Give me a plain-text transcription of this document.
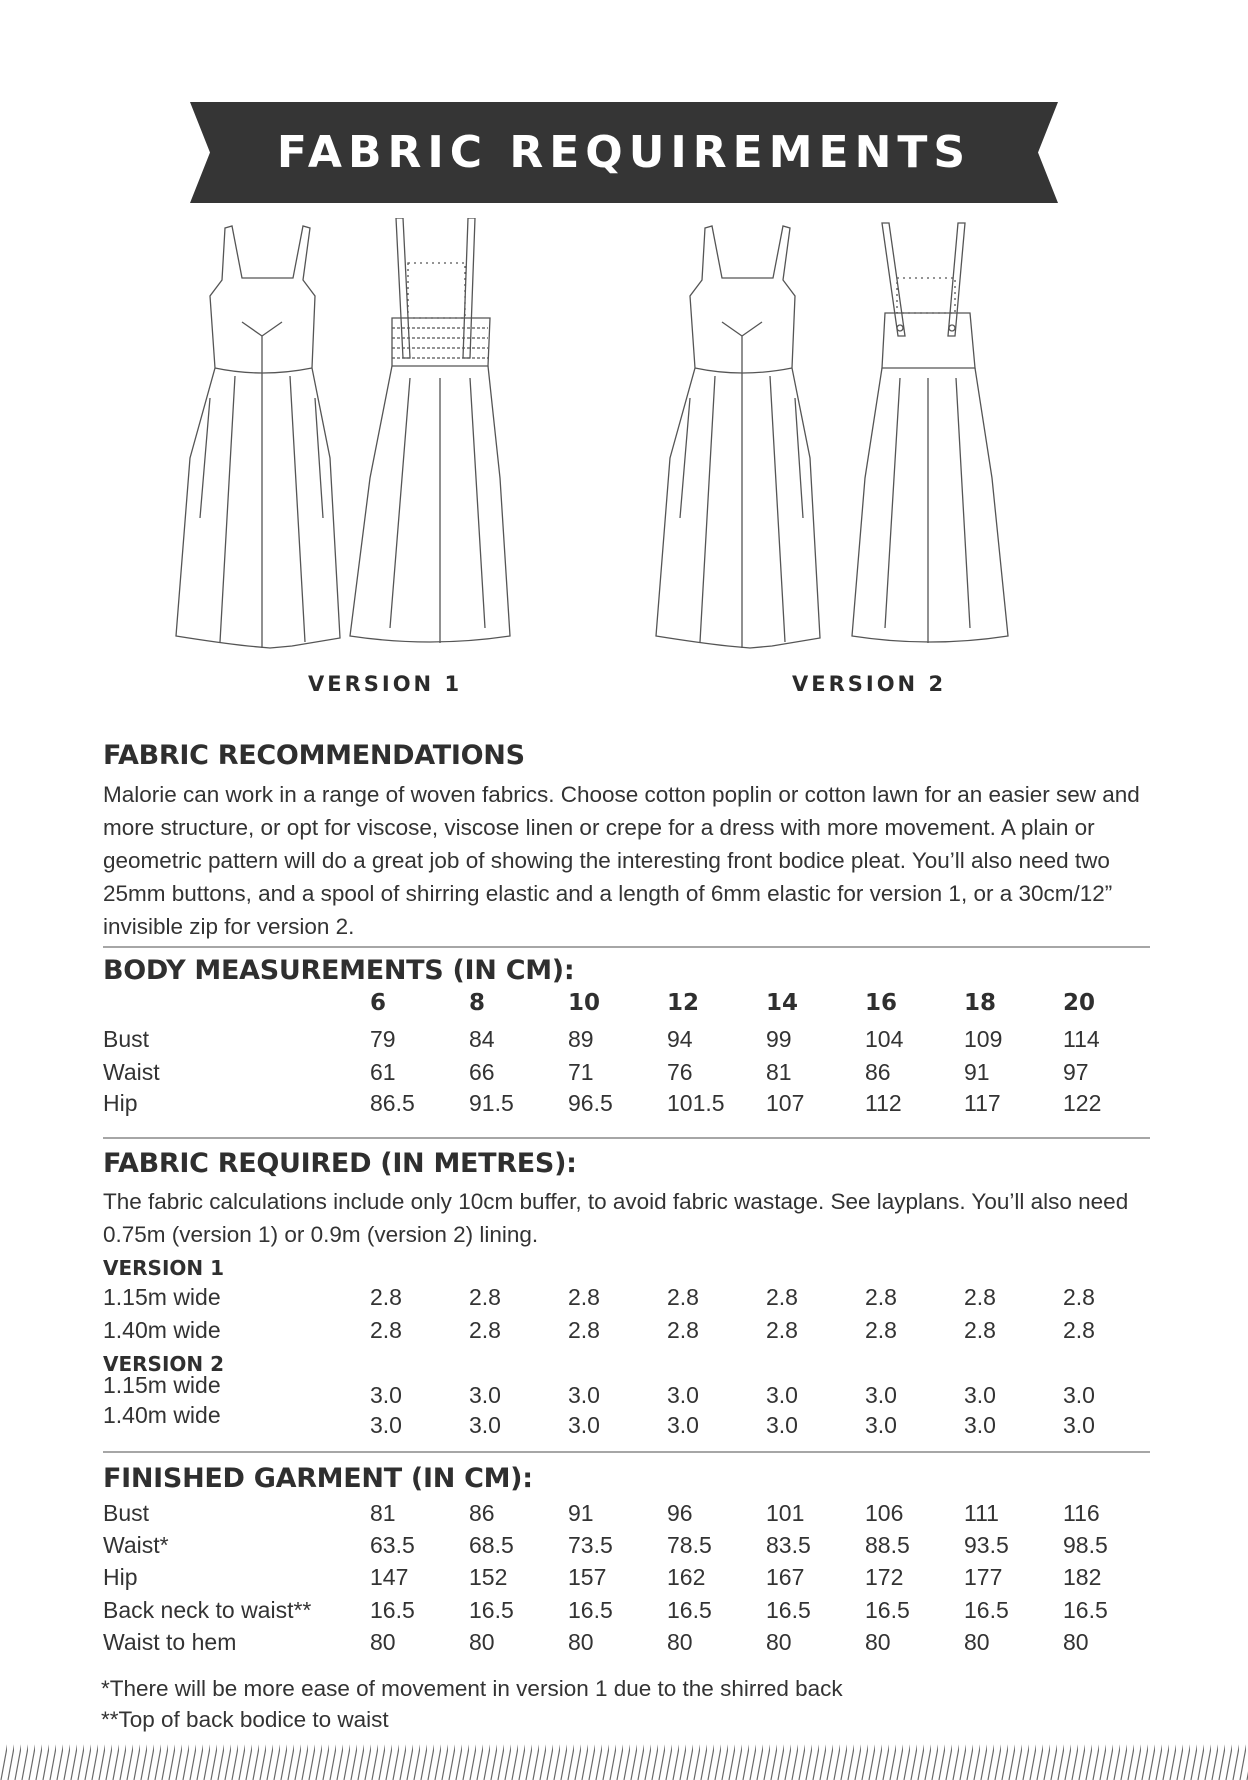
FABRIC REQUIREMENTS
VERSION 1	VERSION 2
FABRIC RECOMMENDATIONS
Malorie can work in a range of woven fabrics. Choose cotton poplin or cotton lawn for an easier sew and
more structure, or opt for viscose, viscose linen or crepe for a dress with more movement. A plain or
geometric pattern will do a great job of showing the interesting front bodice pleat. You’ll also need two
25mm buttons, and a spool of shirring elastic and a length of 6mm elastic for version 1, or a 30cm/12”
invisible zip for version 2.
BODY MEASUREMENTS (IN CM):
FABRIC REQUIRED (IN METRES):
The fabric calculations include only 10cm buffer, to avoid fabric wastage. See layplans. You’ll also need
0.75m (version 1) or 0.9m (version 2) lining.
VERSION 1
VERSION 2
FINISHED GARMENT (IN CM):
*There will be more ease of movement in version 1 due to the shirred back
**Top of back bodice to waist
6	8	10	12	14	16	18	20
Bust	79	84	89	94	99	104	109	114
Waist	61	66	71	76	81	86	91	97
Hip	86.5 91.5 96.5 101.5 107	112	117	122
1.15m wide	2.8	2.8	2.8	2.8	2.8	2.8	2.8	2.8
1.40m wide	2.8	2.8	2.8	2.8	2.8	2.8	2.8	2.8
1.15m wide	3.0	3.0	3.0	3.0	3.0	3.0	3.0	3.0
1.40m wide	3.0	3.0	3.0	3.0	3.0	3.0	3.0	3.0
Bust	81	86	91	96	101	106	111	116
Waist*	63.5 68.5 73.5 78.5 83.5 88.5 93.5 98.5
Hip	147	152	157	162	167	172	177	182
Back neck to waist**	16.5 16.5 16.5 16.5 16.5 16.5 16.5 16.5
Waist to hem	80	80	80	80	80	80	80	80
